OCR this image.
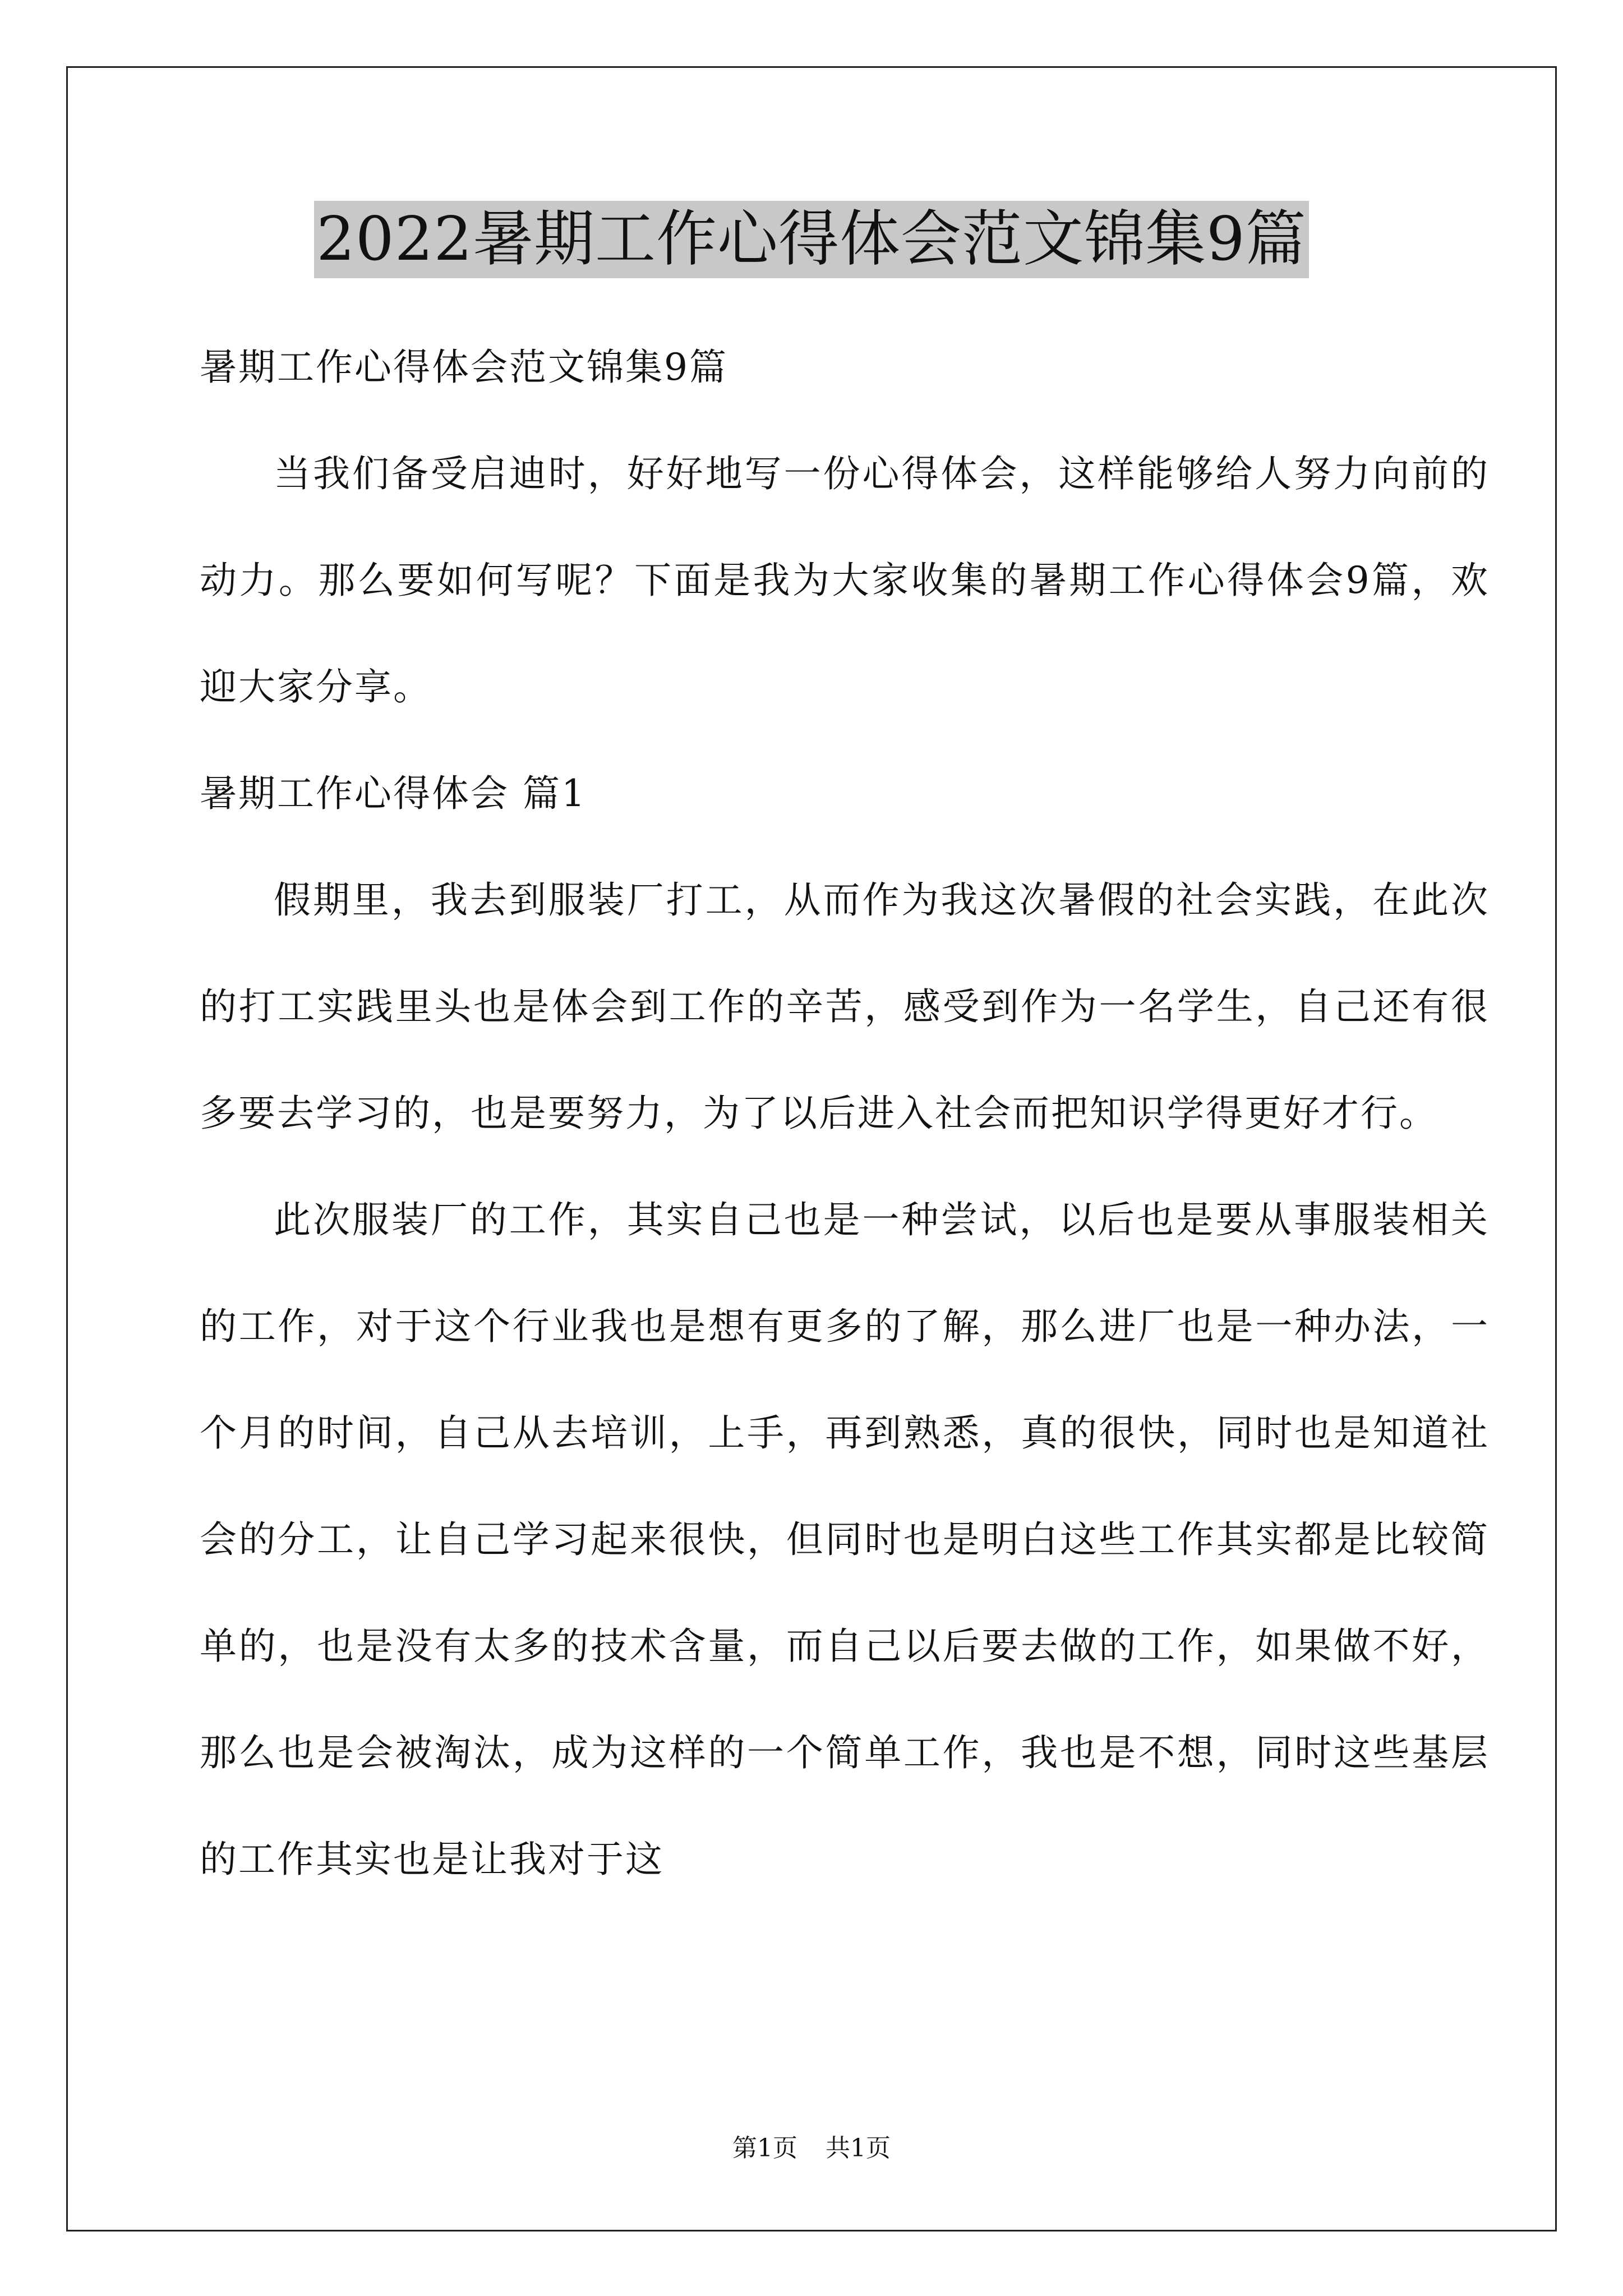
2022暑期工作心得体会范文锦集9篇
暑期工作心得体会范文锦集9篇

当我们备受启迪时，好好地写一份心得体会，这样能够给人努力向前的动力。那么要如何写呢？下面是我为大家收集的暑期工作心得体会9篇，欢迎大家分享。

暑期工作心得体会 篇1

假期里，我去到服装厂打工，从而作为我这次暑假的社会实践，在此次的打工实践里头也是体会到工作的辛苦，感受到作为一名学生，自己还有很多要去学习的，也是要努力，为了以后进入社会而把知识学得更好才行。

此次服装厂的工作，其实自己也是一种尝试，以后也是要从事服装相关的工作，对于这个行业我也是想有更多的了解，那么进厂也是一种办法，一个月的时间，自己从去培训，上手，再到熟悉，真的很快，同时也是知道社会的分工，让自己学习起来很快，但同时也是明白这些工作其实都是比较简单的，也是没有太多的技术含量，而自己以后要去做的工作，如果做不好，那么也是会被淘汰，成为这样的一个简单工作，我也是不想，同时这些基层的工作其实也是让我对于这

第1页 共1页
